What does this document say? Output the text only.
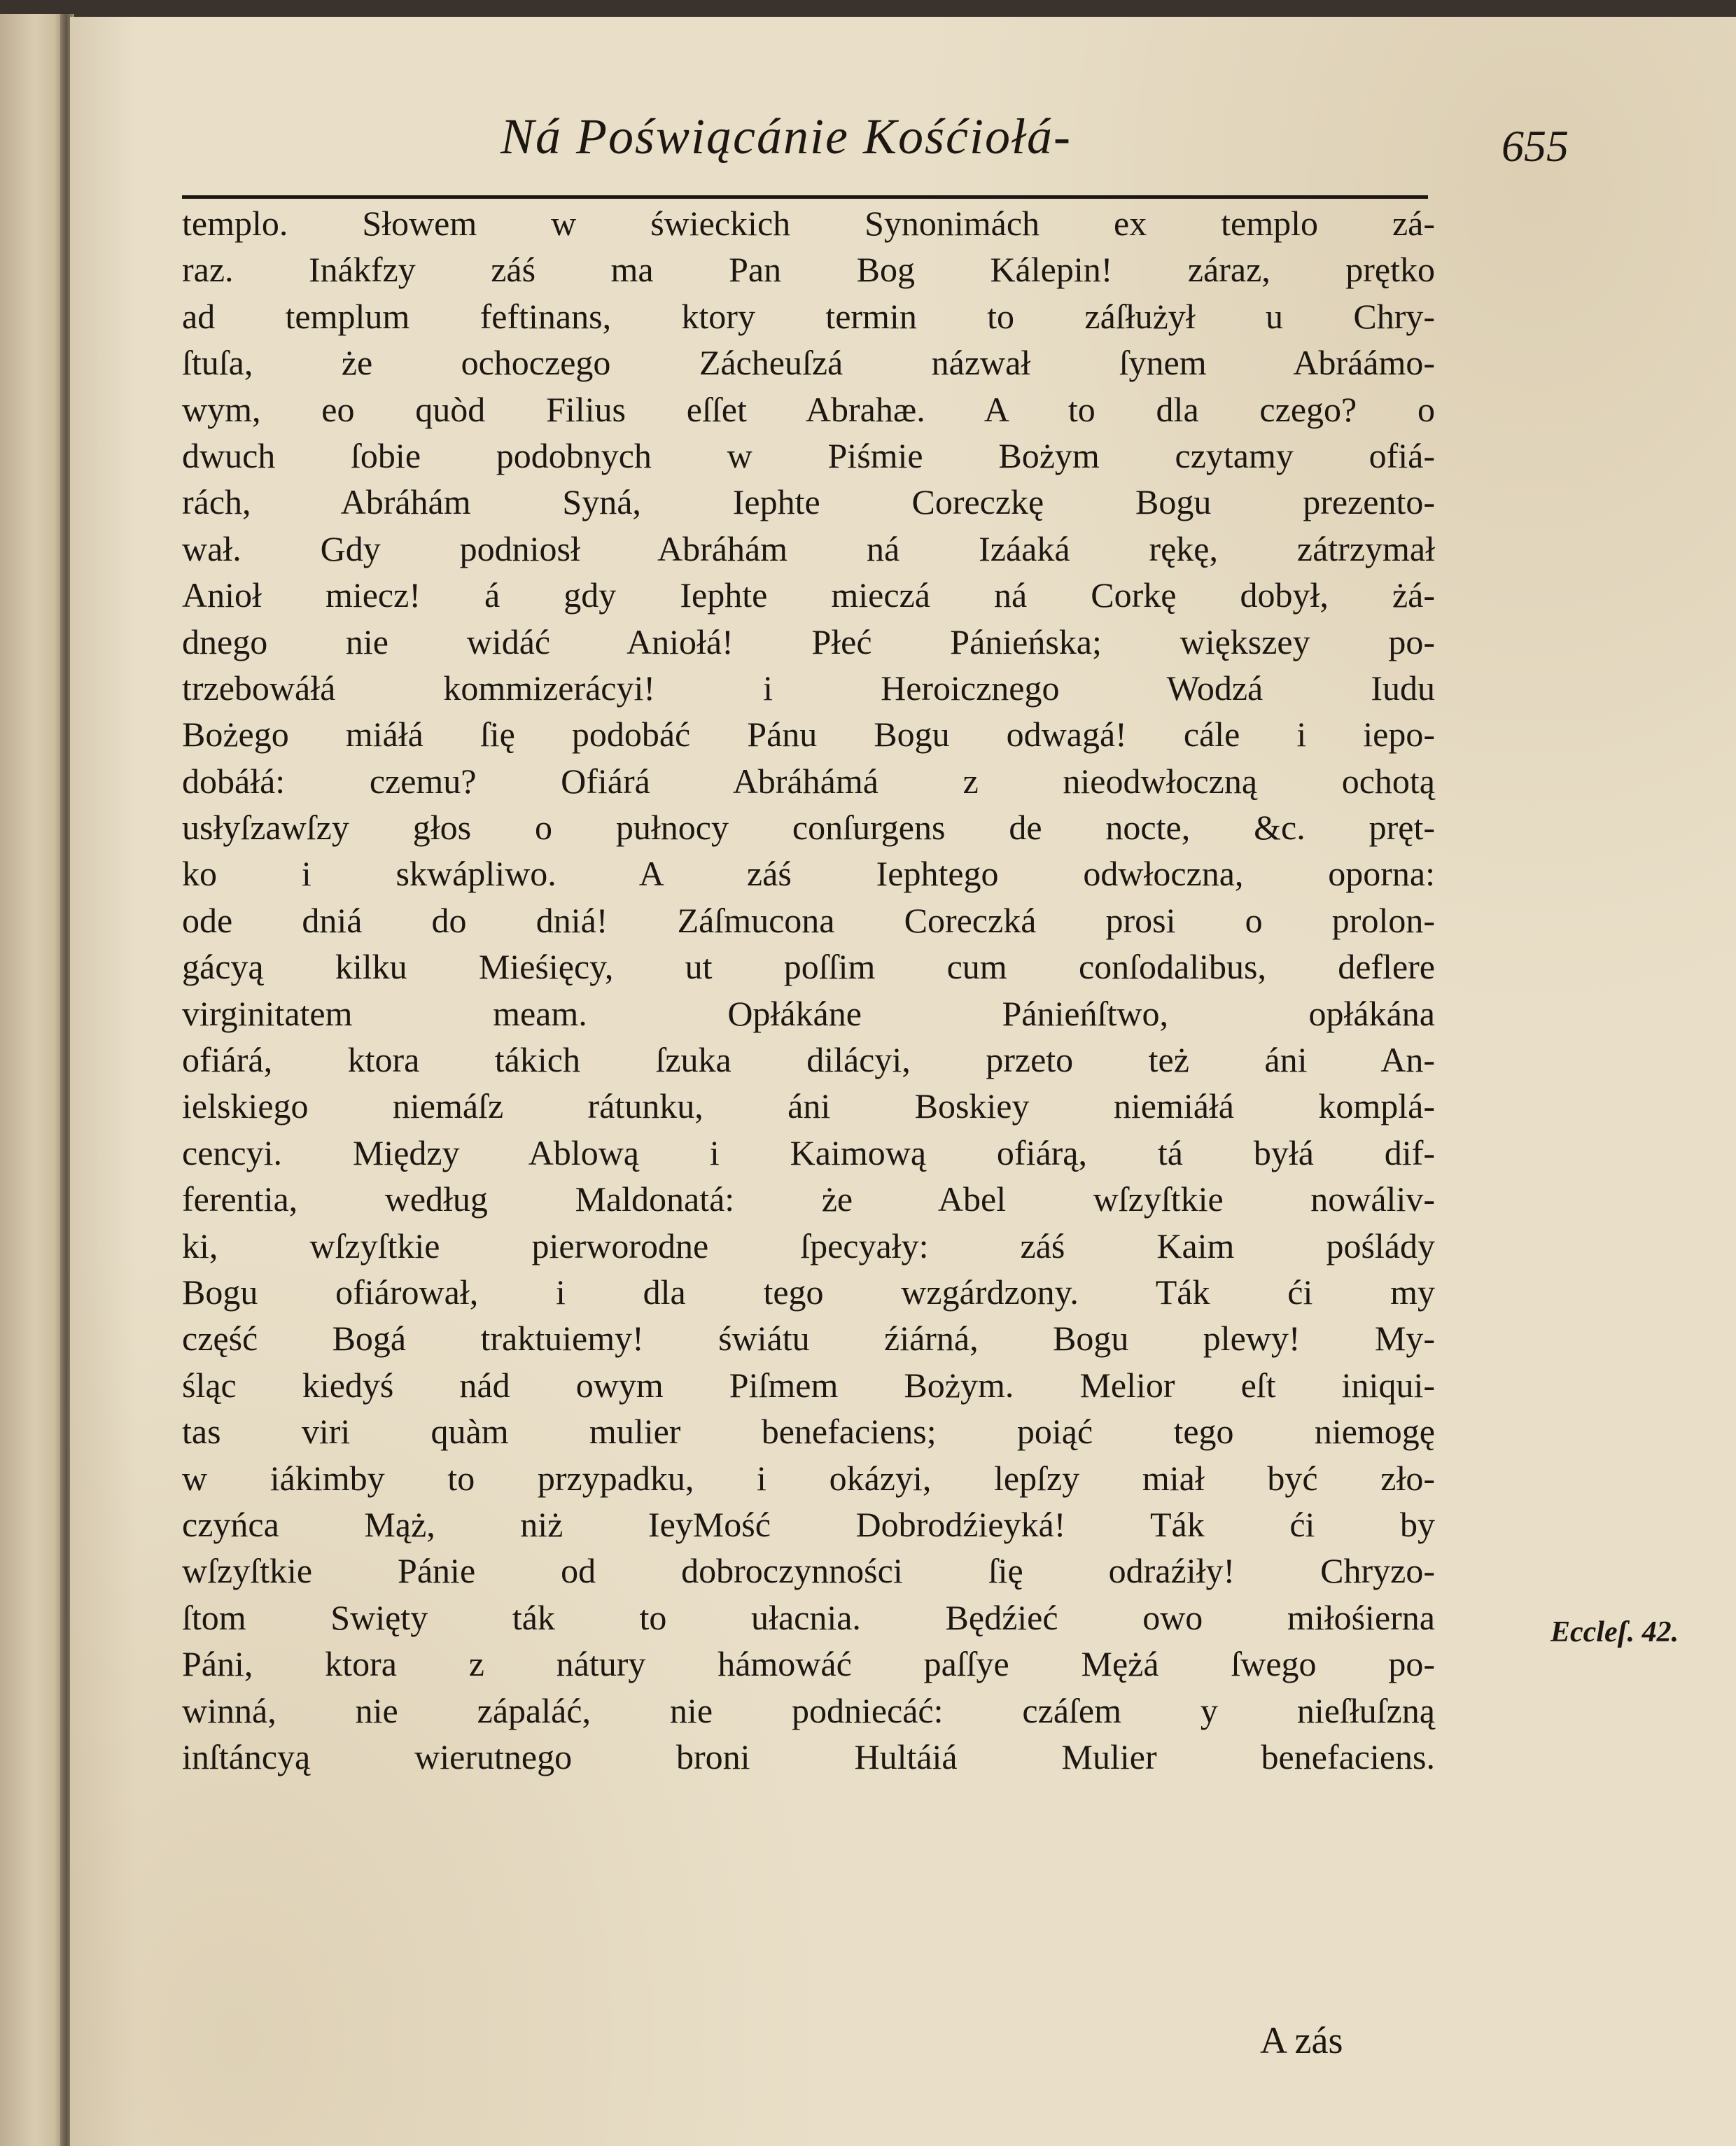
Ná Poświącánie Kośćiołá-	655
templo. Słowem w świeckich Synonimách ex templo zá-
raz. Inákfzy záś ma Pan Bog Kálepin! záraz, prętko
ad templum feftinans, ktory termin to záſłużył u Chry-
ſtuſa, że ochoczego Zácheuſzá názwał ſynem Abráámo-
wym, eo quòd Filius eſſet Abrahæ. A to dla czego? o
dwuch ſobie podobnych w Piśmie Bożym czytamy ofiá-
rách, Abráhám Syná, Iephte Coreczkę Bogu prezento-
wał. Gdy podniosł Abráhám ná Izáaká rękę, zátrzymał
Anioł miecz! á gdy Iephte mieczá ná Corkę dobył, żá-
dnego nie widáć Aniołá! Płeć Pánieńska; większey po-
trzebowáłá kommizerácyi! i Heroicznego Wodzá Iudu
Bożego miáłá ſię podobáć Pánu Bogu odwagá! cále i iepo-
dobáłá: czemu? Ofiárá Abráhámá z nieodwłoczną ochotą
usłyſzawſzy głos o pułnocy conſurgens de nocte, &c. pręt-
ko i skwápliwo. A záś Iephtego odwłoczna, oporna:
ode dniá do dniá! Záſmucona Coreczká prosi o prolon-
gácyą kilku Mieśięcy, ut poſſim cum conſodalibus, deflere
virginitatem meam. Opłákáne Pánieńſtwo, opłákána
ofiárá, ktora tákich ſzuka dilácyi, przeto też áni An-
ielskiego niemáſz rátunku, áni Boskiey niemiáłá komplá-
cencyi. Między Ablową i Kaimową ofiárą, tá byłá dif-
ferentia, według Maldonatá: że Abel wſzyſtkie nowáliv-
ki, wſzyſtkie pierworodne ſpecyały: záś Kaim poślády
Bogu ofiárował, i dla tego wzgárdzony. Ták ći my
część Bogá traktuiemy! świátu źiárná, Bogu plewy! My-
śląc kiedyś nád owym Piſmem Bożym. Melior eſt iniqui-
tas viri quàm mulier benefaciens; poiąć tego niemogę
w iákimby to przypadku, i okázyi, lepſzy miał być zło-
czyńca Mąż, niż IeyMość Dobrodźieyká! Ták ći by
wſzyſtkie Pánie od dobroczynności ſię odraźiły! Chryzo-
ſtom Swięty ták to ułacnia. Będźieć owo miłośierna
Páni, ktora z nátury hámowáć paſſye Mężá ſwego po-
winná, nie zápaláć, nie podniecáć: czáſem y nieſłuſzną
inſtáncyą wierutnego broni Hultáiá Mulier benefaciens.
Eccleſ. 42.
A zás
